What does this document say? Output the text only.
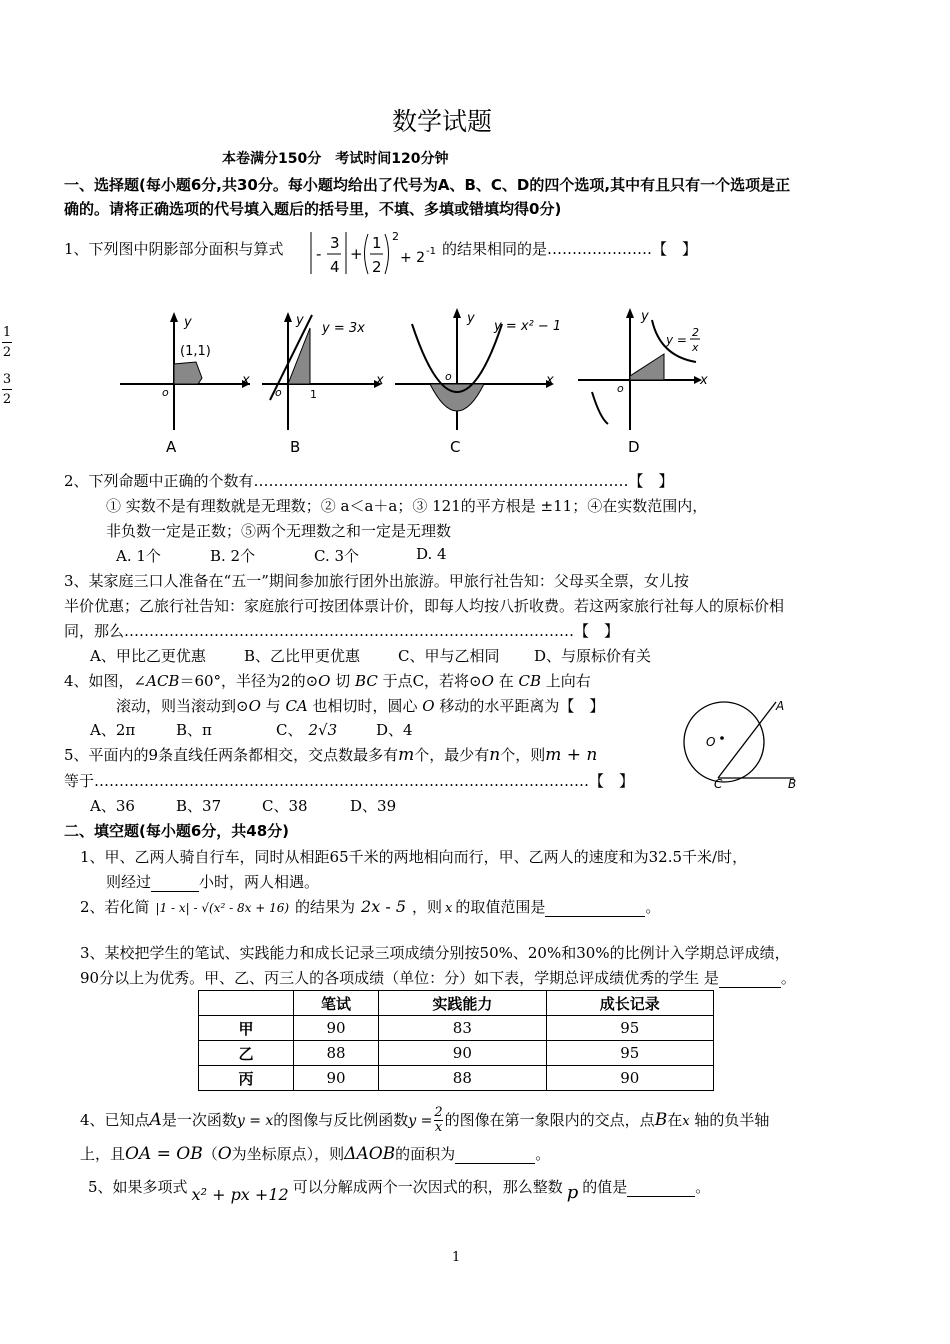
数学试题
本卷满分150分　考试时间120分钟
1
2
3
2
一、选择题(每小题6分,共30分。每小题均给出了代号为A、B、C、D的四个选项,其中有且只有一个选项是正
确的。请将正确选项的代号填入题后的括号里，不填、多填或错填均得0分)
1、下列图中阴影部分面积与算式 -
3
4
+
1
2
2
+ 2 -1 的结果相同的是…………………【　】
(1,1)
y
x
o
A
y
y = 3x
x
o	1
B
y
y = x² − 1
x
o
C
y
y =
2
x
x
o
D
2、下列命题中正确的个数有…………………………………………………………………【　】
① 实数不是有理数就是无理数；② a＜a＋a；③ 121的平方根是 ±11；④在实数范围内，
非负数一定是正数；⑤两个无理数之和一定是无理数
A. 1个	B. 2个	C. 3个	D. 4
3、某家庭三口人准备在“五一”期间参加旅行团外出旅游。甲旅行社告知：父母买全票，女儿按
半价优惠；乙旅行社告知：家庭旅行可按团体票计价，即每人均按八折收费。若这两家旅行社每人的原标价相
同，那么………………………………………………………………………………【　】
A、甲比乙更优惠	B、乙比甲更优惠	C、甲与乙相同 D、与原标价有关
4、如图，∠ACB＝60°，半径为2的⊙O 切 BC 于点C，若将⊙O 在 CB 上向右
滚动，则当滚动到⊙O 与 CA 也相切时，圆心 O 移动的水平距离为【　】
A、2π	B、π	C、 2√3	D、4
O
A
B
C
5、平面内的9条直线任两条都相交，交点数最多有m个，最少有n个，则m + n
等于………………………………………………………………………………………【　】
A、36	B、37	C、38	D、39
二、填空题(每小题6分，共48分)
1、甲、乙两人骑自行车，同时从相距65千米的两地相向而行，甲、乙两人的速度和为32.5千米/时，
则经过	小时，两人相遇。
2、若化简 |1 - x| - √(x² - 8x + 16) 的结果为 2x - 5 ，则 x 的取值范围是	。
3、某校把学生的笔试、实践能力和成长记录三项成绩分别按50%、20%和30%的比例计入学期总评成绩，
90分以上为优秀。甲、乙、丙三人的各项成绩（单位：分）如下表，学期总评成绩优秀的学生 是	。
	笔试	实践能力	成长记录
甲	90	83	95
乙	88	90	95
丙	90	88	90
4、已知点A是一次函数y = x的图像与反比例函数$y = \frac{2}{x}$ 的图像在第一象限内的交点，点B在x 轴的负半轴
上，且OA = OB（O为坐标原点），则ΔAOB的面积为	。
5、如果多项式 x² + px +12 可以分解成两个一次因式的积，那么整数 p 的值是	。
1
